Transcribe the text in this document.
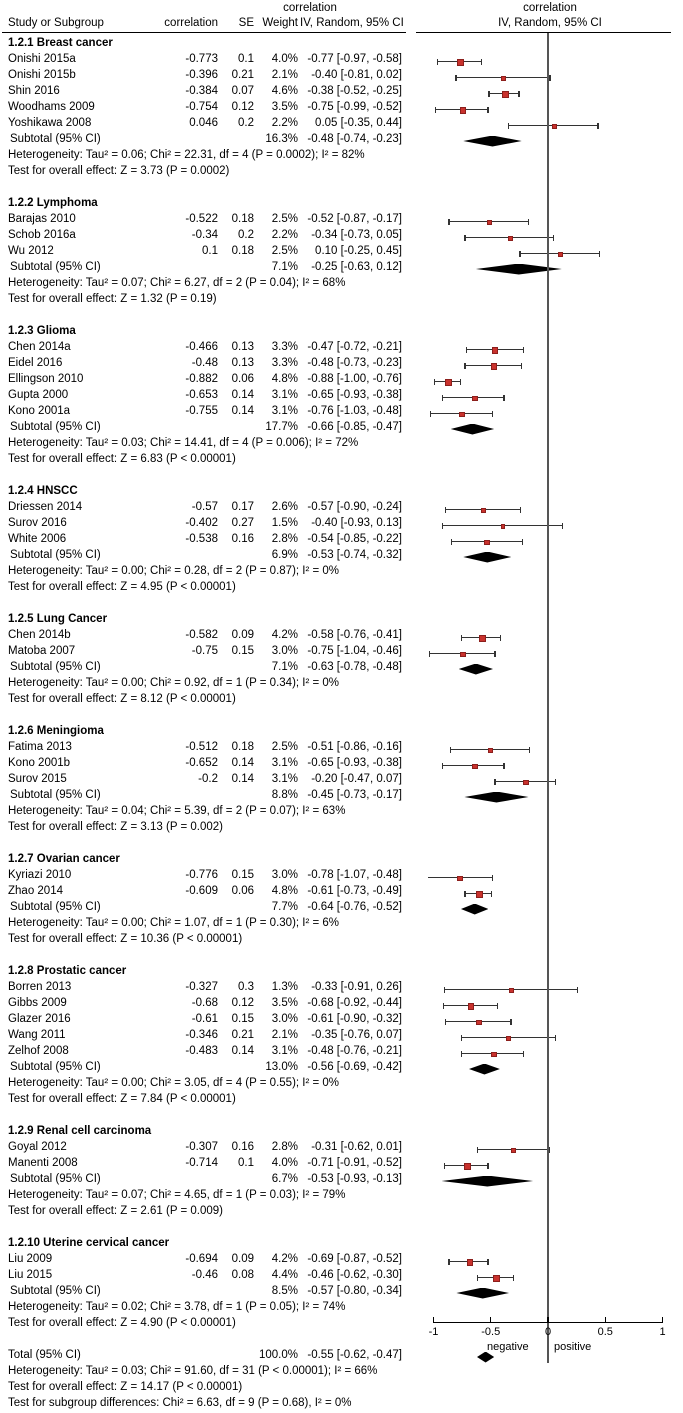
correlation	correlation
Study or Subgroup	correlation	SE Weight IV, Random, 95% CI	IV, Random, 95% CI
1.2.1 Breast cancer
Onishi 2015a	-0.773	0.1	4.0% -0.77 [-0.97, -0.58]
Onishi 2015b	-0.396	0.21	2.1%	-0.40 [-0.81, 0.02]
Shin 2016	-0.384	0.07	4.6% -0.38 [-0.52, -0.25]
Woodhams 2009	-0.754	0.12	3.5% -0.75 [-0.99, -0.52]
Yoshikawa 2008	0.046	0.2	2.2%	0.05 [-0.35, 0.44]
Subtotal (95% CI)	16.3% -0.48 [-0.74, -0.23]
Heterogeneity: Tau² = 0.06; Chi² = 22.31, df = 4 (P = 0.0002); I² = 82%
Test for overall effect: Z = 3.73 (P = 0.0002)
1.2.2 Lymphoma
Barajas 2010	-0.522	0.18	2.5% -0.52 [-0.87, -0.17]
Schob 2016a	-0.34	0.2	2.2%	-0.34 [-0.73, 0.05]
Wu 2012	0.1	0.18	2.5%	0.10 [-0.25, 0.45]
Subtotal (95% CI)	7.1%	-0.25 [-0.63, 0.12]
Heterogeneity: Tau² = 0.07; Chi² = 6.27, df = 2 (P = 0.04); I² = 68%
Test for overall effect: Z = 1.32 (P = 0.19)
1.2.3 Glioma
Chen 2014a	-0.466	0.13	3.3% -0.47 [-0.72, -0.21]
Eidel 2016	-0.48	0.13	3.3% -0.48 [-0.73, -0.23]
Ellingson 2010	-0.882	0.06	4.8% -0.88 [-1.00, -0.76]
Gupta 2000	-0.653	0.14	3.1% -0.65 [-0.93, -0.38]
Kono 2001a	-0.755	0.14	3.1% -0.76 [-1.03, -0.48]
Subtotal (95% CI)	17.7% -0.66 [-0.85, -0.47]
Heterogeneity: Tau² = 0.03; Chi² = 14.41, df = 4 (P = 0.006); I² = 72%
Test for overall effect: Z = 6.83 (P < 0.00001)
1.2.4 HNSCC
Driessen 2014	-0.57	0.17	2.6% -0.57 [-0.90, -0.24]
Surov 2016	-0.402	0.27	1.5%	-0.40 [-0.93, 0.13]
White 2006	-0.538	0.16	2.8% -0.54 [-0.85, -0.22]
Subtotal (95% CI)	6.9% -0.53 [-0.74, -0.32]
Heterogeneity: Tau² = 0.00; Chi² = 0.28, df = 2 (P = 0.87); I² = 0%
Test for overall effect: Z = 4.95 (P < 0.00001)
1.2.5 Lung Cancer
Chen 2014b	-0.582	0.09	4.2% -0.58 [-0.76, -0.41]
Matoba 2007	-0.75	0.15	3.0% -0.75 [-1.04, -0.46]
Subtotal (95% CI)	7.1% -0.63 [-0.78, -0.48]
Heterogeneity: Tau² = 0.00; Chi² = 0.92, df = 1 (P = 0.34); I² = 0%
Test for overall effect: Z = 8.12 (P < 0.00001)
1.2.6 Meningioma
Fatima 2013	-0.512	0.18	2.5% -0.51 [-0.86, -0.16]
Kono 2001b	-0.652	0.14	3.1% -0.65 [-0.93, -0.38]
Surov 2015	-0.2	0.14	3.1%	-0.20 [-0.47, 0.07]
Subtotal (95% CI)	8.8% -0.45 [-0.73, -0.17]
Heterogeneity: Tau² = 0.04; Chi² = 5.39, df = 2 (P = 0.07); I² = 63%
Test for overall effect: Z = 3.13 (P = 0.002)
1.2.7 Ovarian cancer
Kyriazi 2010	-0.776	0.15	3.0% -0.78 [-1.07, -0.48]
Zhao 2014	-0.609	0.06	4.8% -0.61 [-0.73, -0.49]
Subtotal (95% CI)	7.7% -0.64 [-0.76, -0.52]
Heterogeneity: Tau² = 0.00; Chi² = 1.07, df = 1 (P = 0.30); I² = 6%
Test for overall effect: Z = 10.36 (P < 0.00001)
1.2.8 Prostatic cancer
Borren 2013	-0.327	0.3	1.3%	-0.33 [-0.91, 0.26]
Gibbs 2009	-0.68	0.12	3.5% -0.68 [-0.92, -0.44]
Glazer 2016	-0.61	0.15	3.0% -0.61 [-0.90, -0.32]
Wang 2011	-0.346	0.21	2.1%	-0.35 [-0.76, 0.07]
Zelhof 2008	-0.483	0.14	3.1% -0.48 [-0.76, -0.21]
Subtotal (95% CI)	13.0% -0.56 [-0.69, -0.42]
Heterogeneity: Tau² = 0.00; Chi² = 3.05, df = 4 (P = 0.55); I² = 0%
Test for overall effect: Z = 7.84 (P < 0.00001)
1.2.9 Renal cell carcinoma
Goyal 2012	-0.307	0.16	2.8%	-0.31 [-0.62, 0.01]
Manenti 2008	-0.714	0.1	4.0% -0.71 [-0.91, -0.52]
Subtotal (95% CI)	6.7% -0.53 [-0.93, -0.13]
Heterogeneity: Tau² = 0.07; Chi² = 4.65, df = 1 (P = 0.03); I² = 79%
Test for overall effect: Z = 2.61 (P = 0.009)
1.2.10 Uterine cervical cancer
Liu 2009	-0.694	0.09	4.2% -0.69 [-0.87, -0.52]
Liu 2015	-0.46	0.08	4.4% -0.46 [-0.62, -0.30]
Subtotal (95% CI)	8.5% -0.57 [-0.80, -0.34]
Heterogeneity: Tau² = 0.02; Chi² = 3.78, df = 1 (P = 0.05); I² = 74%
Test for overall effect: Z = 4.90 (P < 0.00001)
Total (95% CI)	100.0% -0.55 [-0.62, -0.47]
Heterogeneity: Tau² = 0.03; Chi² = 91.60, df = 31 (P < 0.00001); I² = 66%
Test for overall effect: Z = 14.17 (P < 0.00001)
Test for subgroup differences: Chi² = 6.63, df = 9 (P = 0.68), I² = 0%
-1	-0.5	0	0.5	1
negative positive
